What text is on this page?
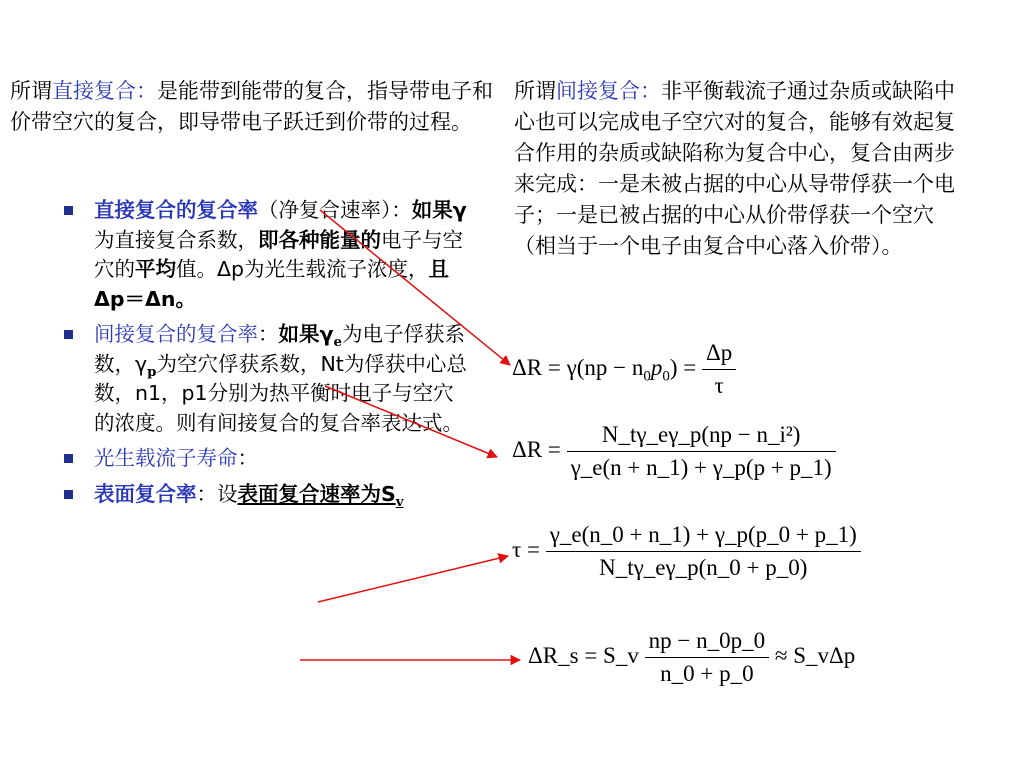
所谓直接复合：是能带到能带的复合，指导带电子和价带空穴的复合，即导带电子跃迁到价带的过程。
所谓间接复合：非平衡载流子通过杂质或缺陷中心也可以完成电子空穴对的复合，能够有效起复合作用的杂质或缺陷称为复合中心，复合由两步来完成：一是未被占据的中心从导带俘获一个电子；一是已被占据的中心从价带俘获一个空穴（相当于一个电子由复合中心落入价带）。
直接复合的复合率（净复合速率）：如果γ为直接复合系数，即各种能量的电子与空穴的平均值。Δp为光生载流子浓度，且 Δp＝Δn。
间接复合的复合率：如果$\gamma_e$为电子俘获系数，$\gamma_p$为空穴俘获系数，Nt为俘获中心总数，n1，p1分别为热平衡时电子与空穴的浓度。则有间接复合的复合率表达式。
光生载流子寿命：
表面复合率：设表面复合速率为$S_v$
$\Delta R = \gamma(np - n_0p_0) = \frac{\Delta p}{\tau}$
$\Delta R = \frac{\text{N\_tγ\_eγ\_p(np − n\_i²)}}{\gamma\_e(n + n\_1) + \gamma\_p(p + p\_1)}$
$\tau = \frac{\gamma\_e(n\_0 + n\_1) + \gamma\_p(p\_0 + p\_1)}{N\_t\gamma\_e\gamma\_p(n\_0 + p\_0)}$
ΔR_s = S_v $\frac{np - n\_0p\_0}{n\_0 + p\_0}$ ≈ S_vΔp
